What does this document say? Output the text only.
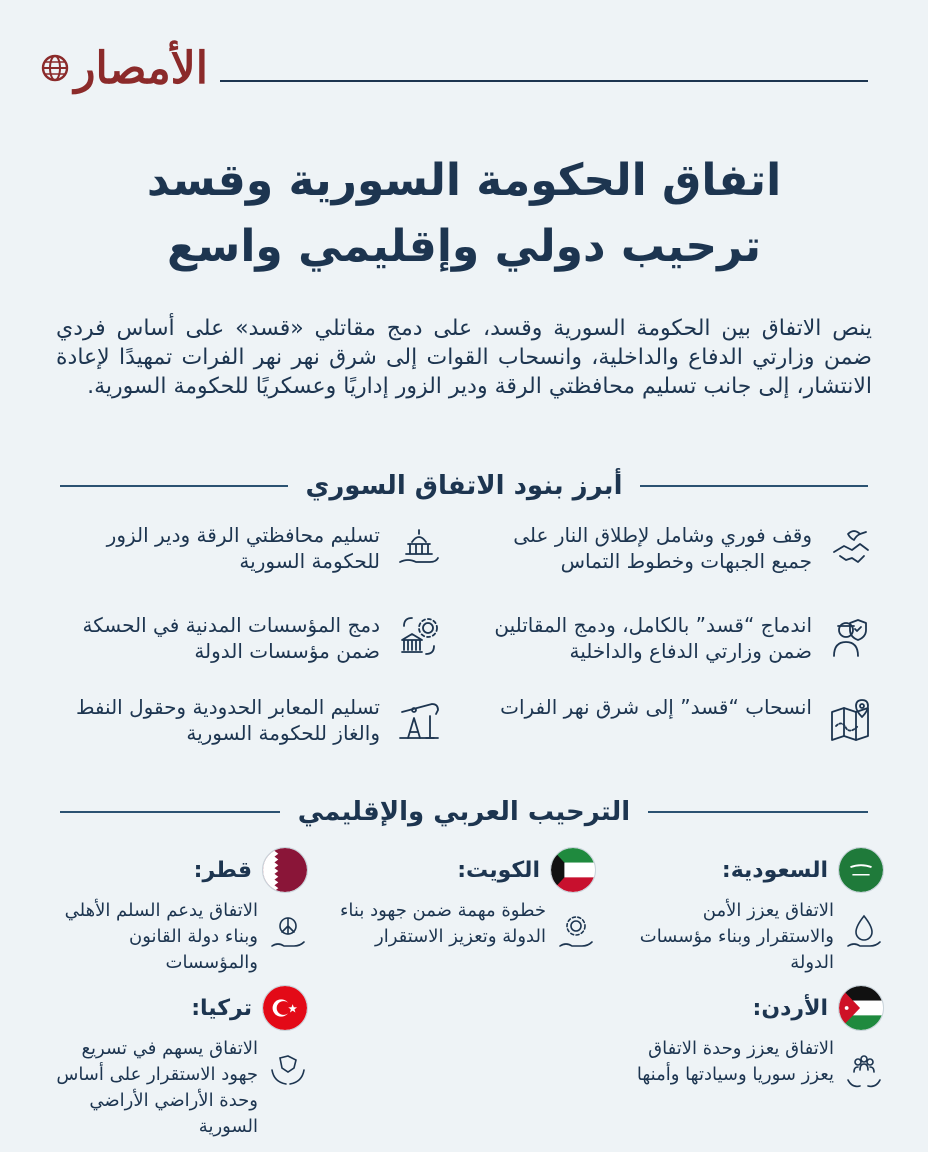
الأمصار
اتفاق الحكومة السورية وقسد
ترحيب دولي وإقليمي واسع

ينص الاتفاق بين الحكومة السورية وقسد، على دمج مقاتلي «قسد» على أساس فردي ضمن وزارتي الدفاع والداخلية، وانسحاب القوات إلى شرق نهر نهر الفرات تمهيدًا لإعادة الانتشار، إلى جانب تسليم محافظتي الرقة ودير الزور إداريًا وعسكريًا للحكومة السورية.

أبرز بنود الاتفاق السوري
وقف فوري وشامل لإطلاق النار على جميع الجبهات وخطوط التماس
تسليم محافظتي الرقة ودير الزور للحكومة السورية
اندماج “قسد” بالكامل، ودمج المقاتلين ضمن وزارتي الدفاع والداخلية
دمج المؤسسات المدنية في الحسكة ضمن مؤسسات الدولة
انسحاب “قسد” إلى شرق نهر الفرات
تسليم المعابر الحدودية وحقول النفط والغاز للحكومة السورية
الترحيب العربي والإقليمي
السعودية:
الاتفاق يعزز الأمن والاستقرار وبناء مؤسسات الدولة
الكويت:
خطوة مهمة ضمن جهود بناء الدولة وتعزيز الاستقرار
قطر:
الاتفاق يدعم السلم الأهلي وبناء دولة القانون والمؤسسات
الأردن:
الاتفاق يعزز وحدة الاتفاق يعزز سوريا وسيادتها وأمنها
تركيا:
الاتفاق يسهم في تسريع جهود الاستقرار على أساس وحدة الأراضي الأراضي السورية
